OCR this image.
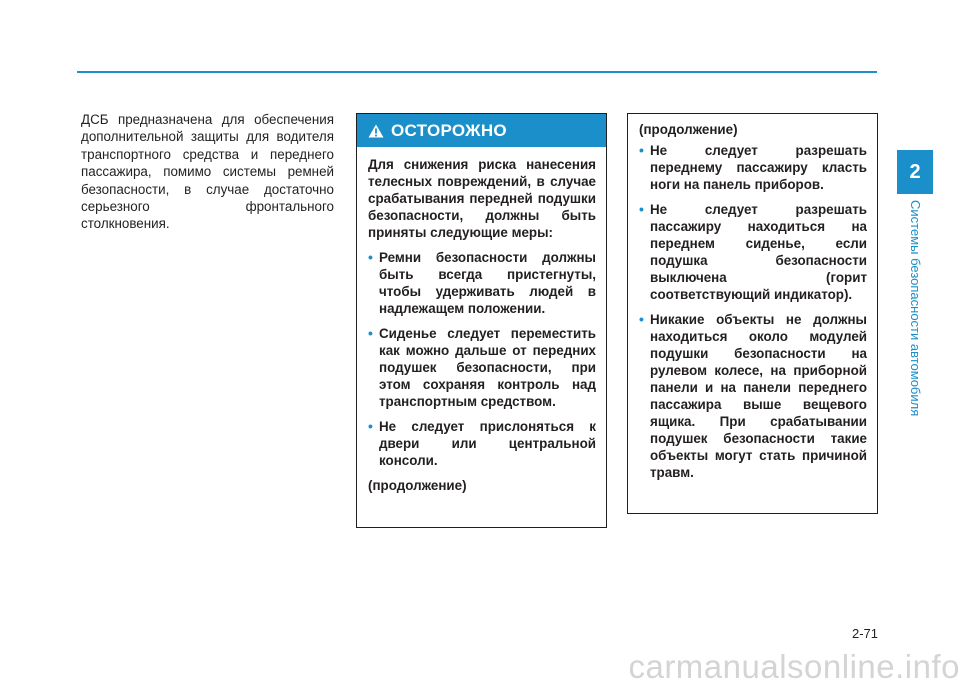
ДСБ предназначена для обеспечения дополнительной защиты для водителя транспортного средства и переднего пассажира, помимо системы ремней безопасности, в случае достаточно серьезного фронтального столкновения.
ОСТОРОЖНО

Для снижения риска нанесения телесных повреждений, в случае срабатывания передней подушки безопасности, должны быть приняты следующие меры:

• Ремни безопасности должны быть всегда пристегнуты, чтобы удерживать людей в надлежащем положении.
• Сиденье следует переместить как можно дальше от передних подушек безопасности, при этом сохраняя контроль над транспортным средством.
• Не следует прислоняться к двери или центральной консоли.
(продолжение)

(продолжение)

• Не следует разрешать переднему пассажиру класть ноги на панель приборов.
• Не следует разрешать пассажиру находиться на переднем сиденье, если подушка безопасности выключена (горит соответствующий индикатор).
• Никакие объекты не должны находиться около модулей подушки безопасности на рулевом колесе, на приборной панели и на панели переднего пассажира выше вещевого ящика. При срабатывании подушек безопасности такие объекты могут стать причиной травм.
2
Системы безопасности автомобиля
2-71
carmanualsonline.info
